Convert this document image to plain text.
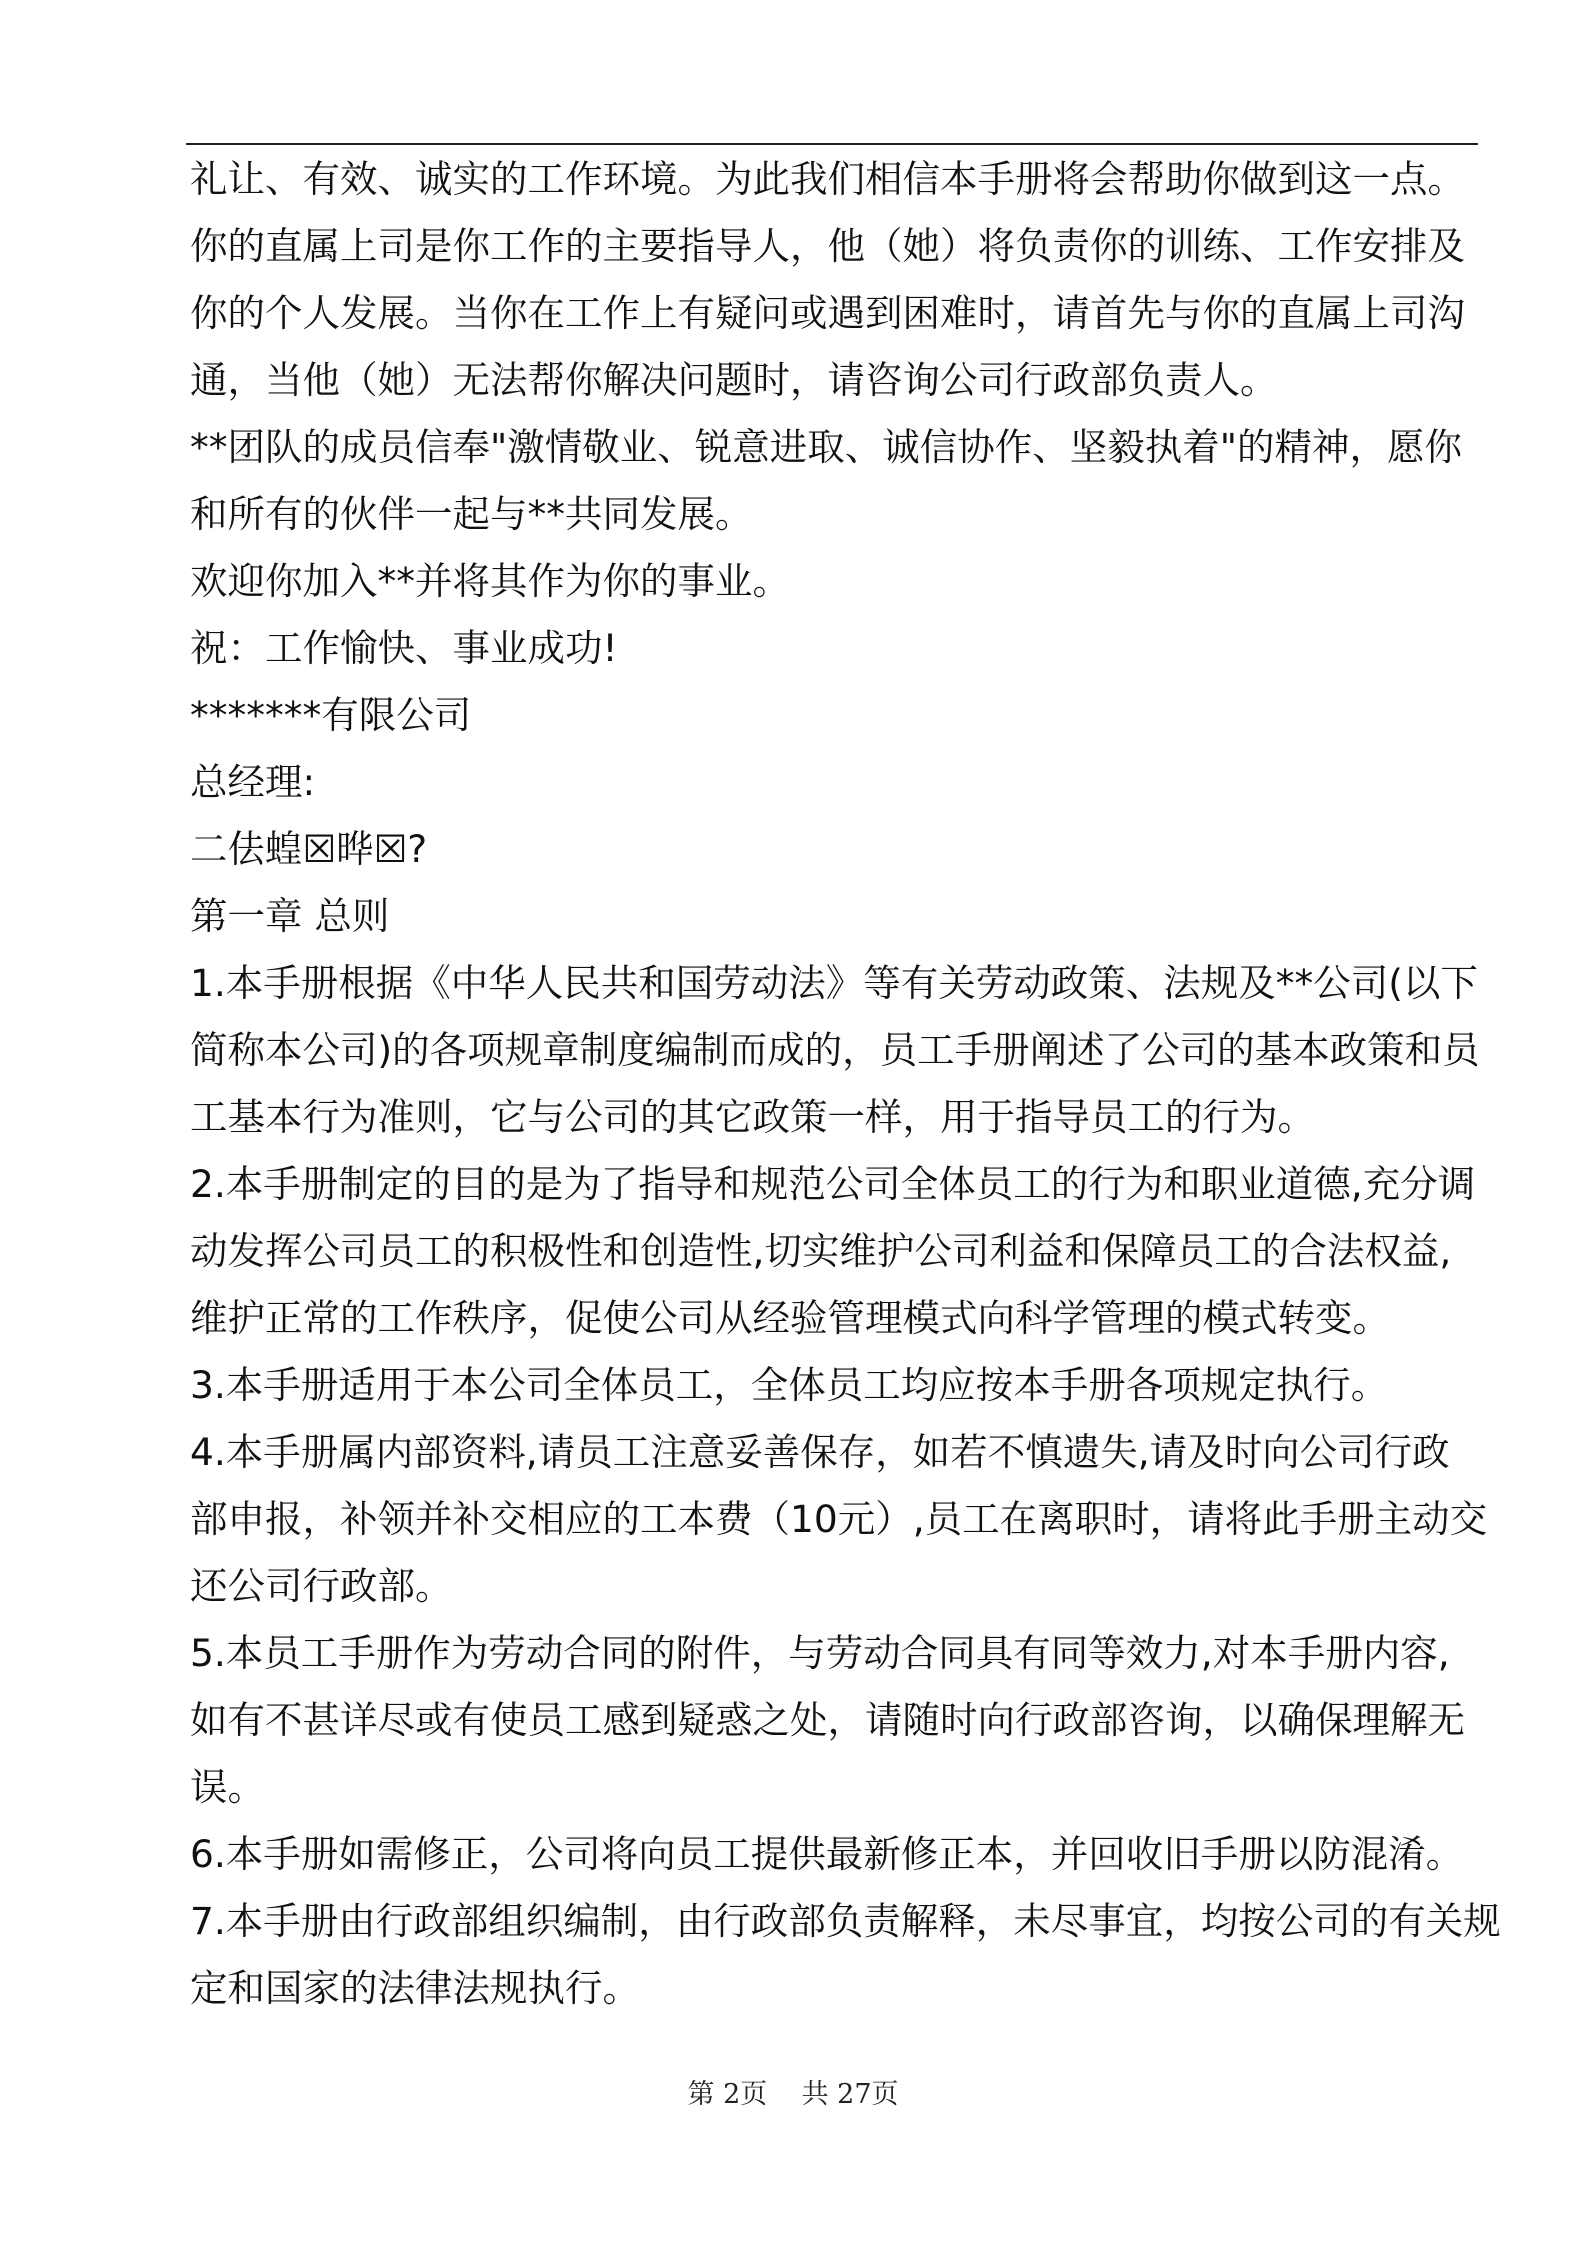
礼让、有效、诚实的工作环境。为此我们相信本手册将会帮助你做到这一点。
你的直属上司是你工作的主要指导人，他（她）将负责你的训练、工作安排及
你的个人发展。当你在工作上有疑问或遇到困难时，请首先与你的直属上司沟
通，当他（她）无法帮你解决问题时，请咨询公司行政部负责人。
**团队的成员信奉"激情敬业、锐意进取、诚信协作、坚毅执着"的精神，愿你
和所有的伙伴一起与**共同发展。
欢迎你加入**并将其作为你的事业。
祝：工作愉快、事业成功!
*******有限公司
总经理:
二佉蝗☒晔☒?
第一章 总则
1.本手册根据《中华人民共和国劳动法》等有关劳动政策、法规及**公司(以下
简称本公司)的各项规章制度编制而成的，员工手册阐述了公司的基本政策和员
工基本行为准则，它与公司的其它政策一样，用于指导员工的行为。
2.本手册制定的目的是为了指导和规范公司全体员工的行为和职业道德,充分调
动发挥公司员工的积极性和创造性,切实维护公司利益和保障员工的合法权益,
维护正常的工作秩序，促使公司从经验管理模式向科学管理的模式转变。
3.本手册适用于本公司全体员工，全体员工均应按本手册各项规定执行。
4.本手册属内部资料,请员工注意妥善保存，如若不慎遗失,请及时向公司行政
部申报，补领并补交相应的工本费（10元）,员工在离职时，请将此手册主动交
还公司行政部。
5.本员工手册作为劳动合同的附件，与劳动合同具有同等效力,对本手册内容,
如有不甚详尽或有使员工感到疑惑之处，请随时向行政部咨询，以确保理解无
误。
6.本手册如需修正，公司将向员工提供最新修正本，并回收旧手册以防混淆。
7.本手册由行政部组织编制，由行政部负责解释，未尽事宜，均按公司的有关规
定和国家的法律法规执行。
第 2页    共 27页
